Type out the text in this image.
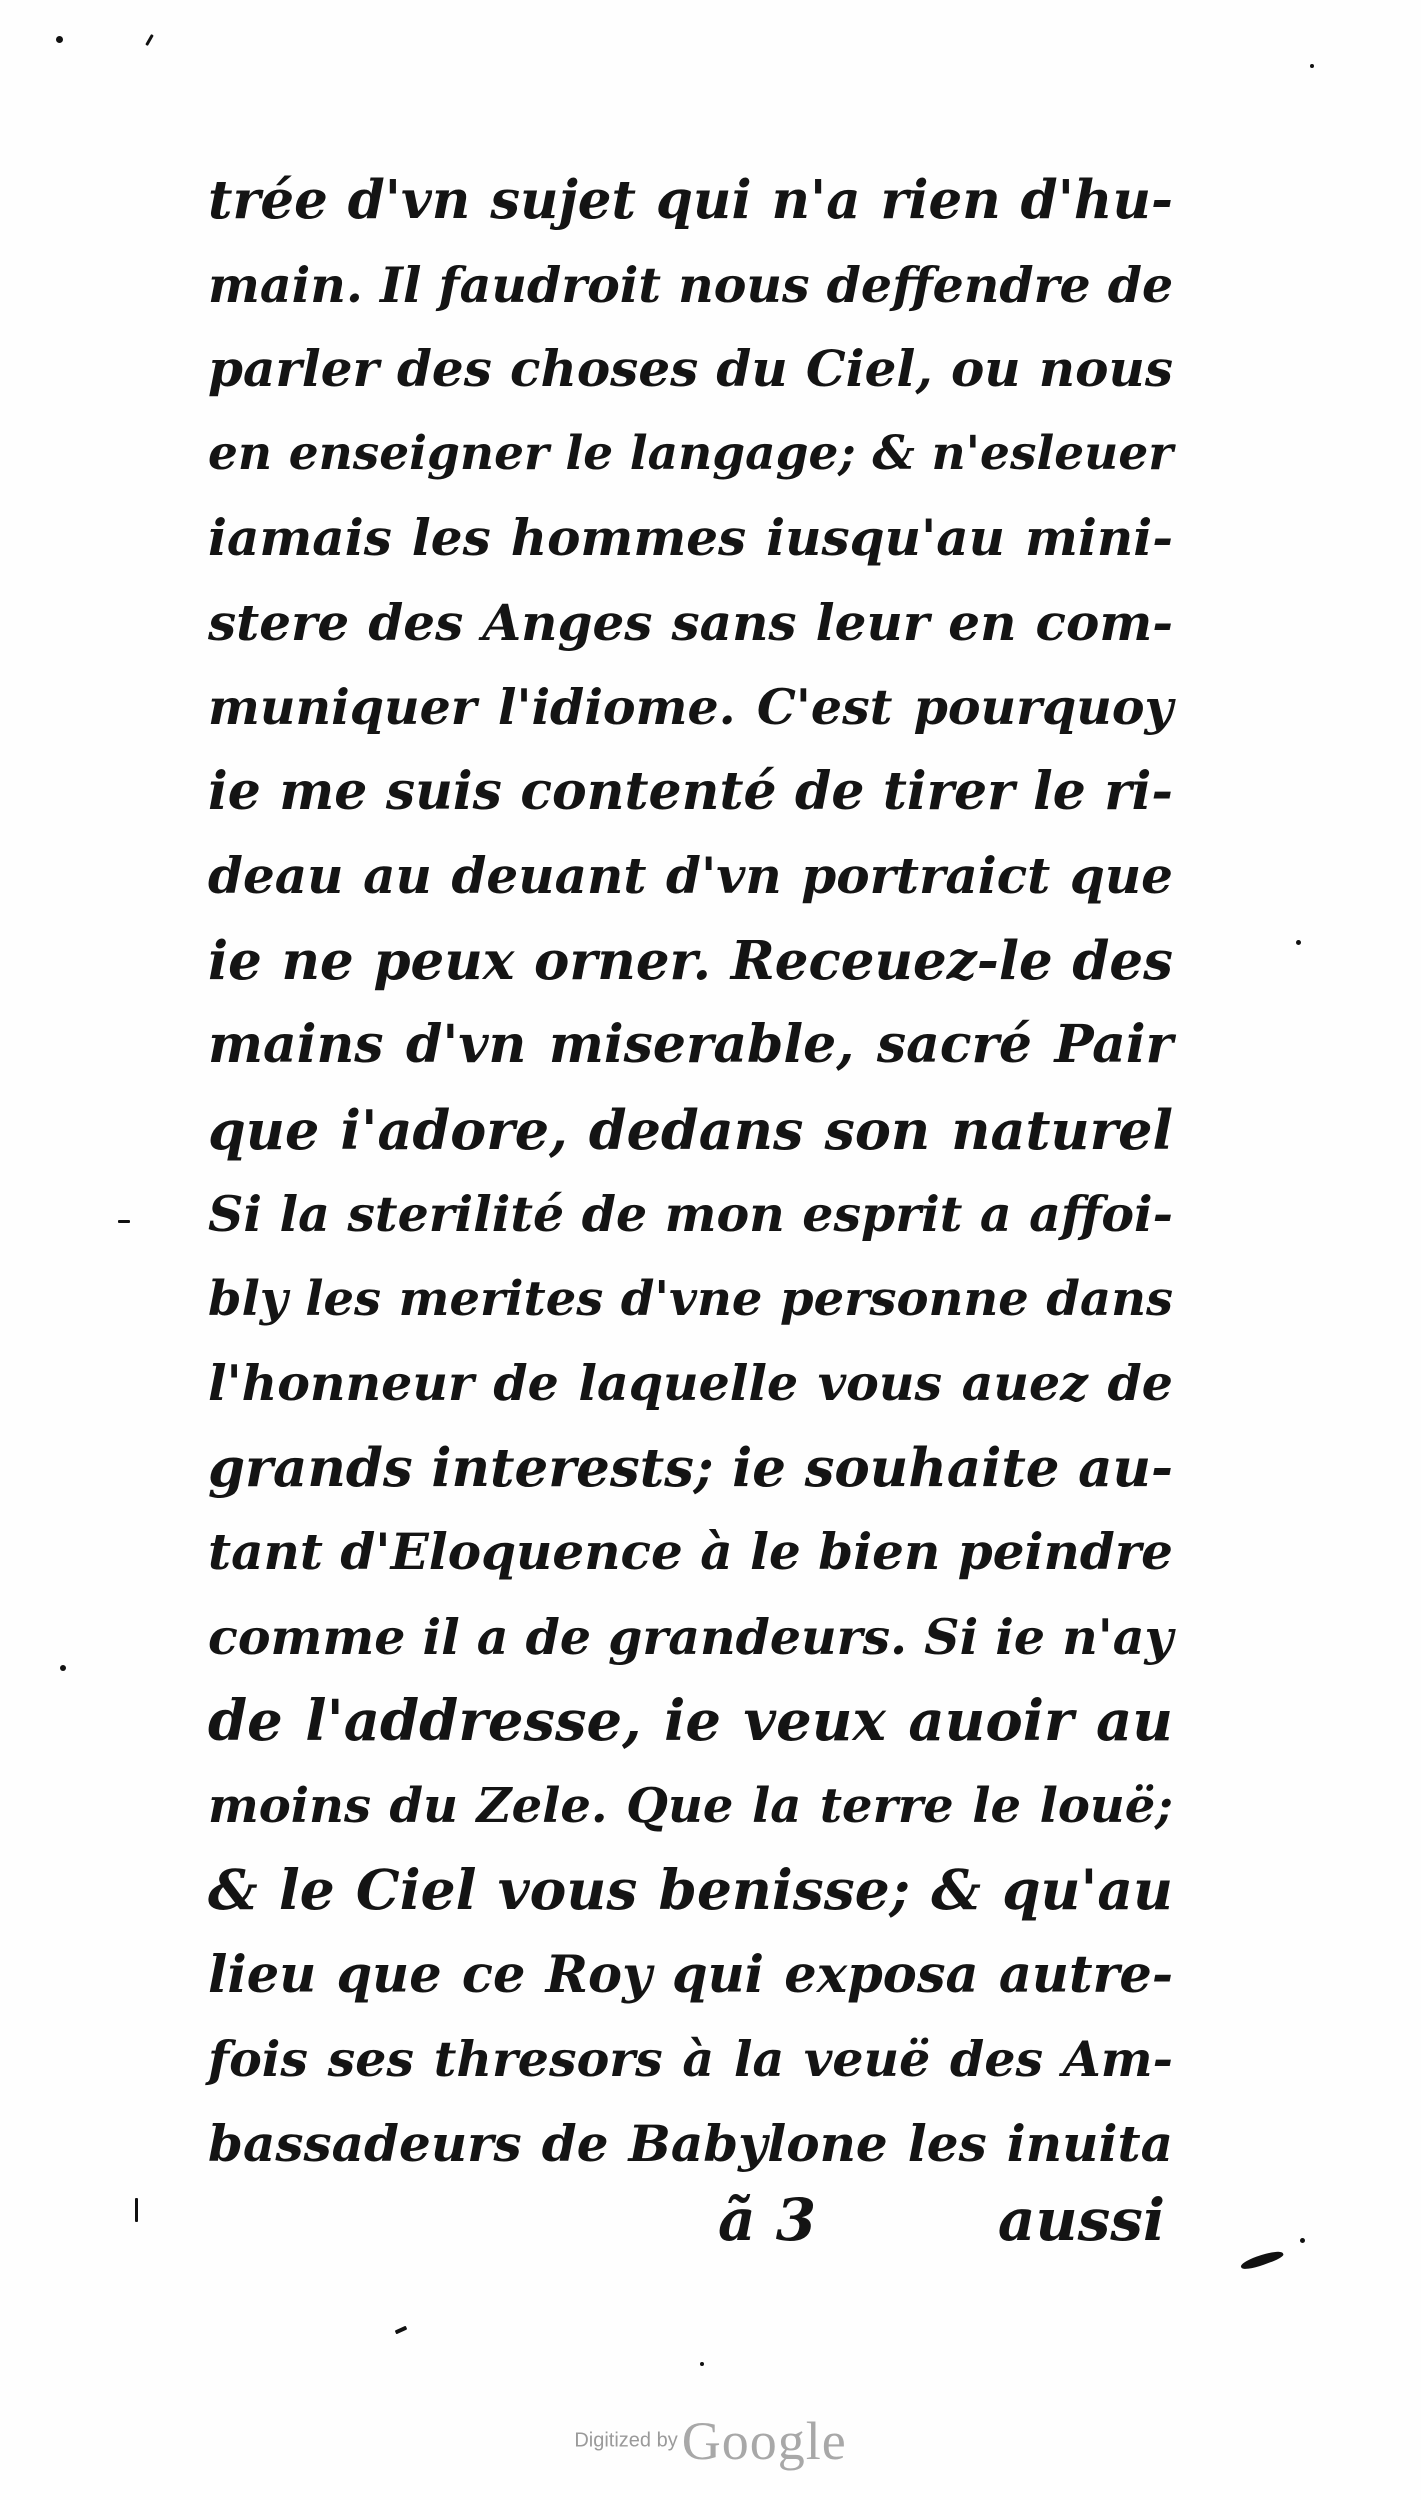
trée d'vn sujet qui n'a rien d'hu-
main. Il faudroit nous deffendre de
parler des choses du Ciel, ou nous
en enseigner le langage; & n'esleuer
iamais les hommes iusqu'au mini-
stere des Anges sans leur en com-
muniquer l'idiome. C'est pourquoy
ie me suis contenté de tirer le ri-
deau au deuant d'vn portraict que
ie ne peux orner. Receuez-le des
mains d'vn miserable, sacré Pair
que i'adore, dedans son naturel
Si la sterilité de mon esprit a affoi-
bly les merites d'vne personne dans
l'honneur de laquelle vous auez de
grands interests; ie souhaite au-
tant d'Eloquence à le bien peindre
comme il a de grandeurs. Si ie n'ay
de l'addresse, ie veux auoir au
moins du Zele. Que la terre le louë;
& le Ciel vous benisse; & qu'au
lieu que ce Roy qui exposa autre-
fois ses thresors à la veuë des Am-
bassadeurs de Babylone les inuita
ã 3	aussi
Digitized by Google
